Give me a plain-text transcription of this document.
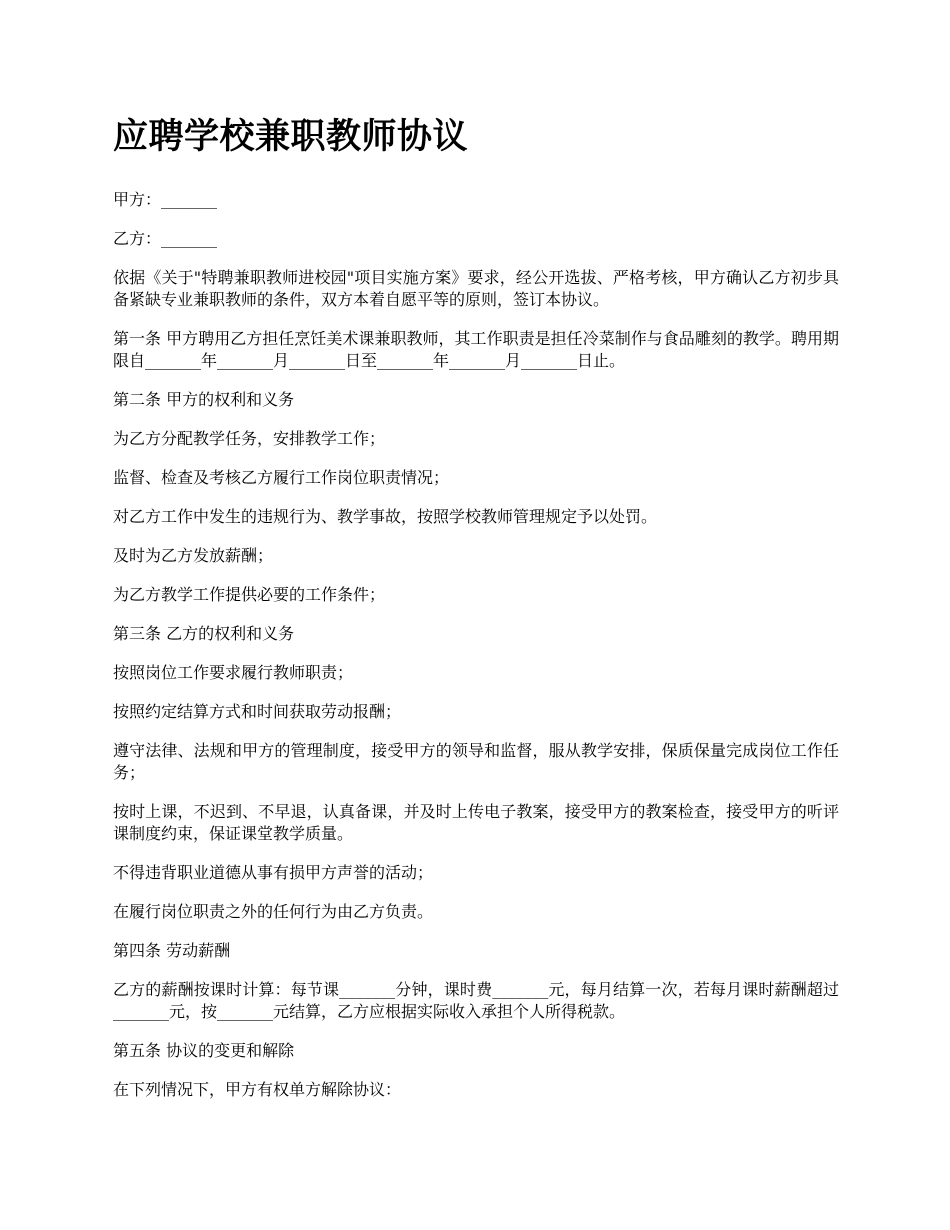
应聘学校兼职教师协议

甲方：_______

乙方：_______

依据《关于"特聘兼职教师进校园"项目实施方案》要求，经公开选拔、严格考核，甲方确认乙方初步具备紧缺专业兼职教师的条件，双方本着自愿平等的原则，签订本协议。

第一条 甲方聘用乙方担任烹饪美术课兼职教师，其工作职责是担任冷菜制作与食品雕刻的教学。聘用期限自_______年_______月_______日至_______年_______月_______日止。

第二条 甲方的权利和义务

为乙方分配教学任务，安排教学工作；

监督、检查及考核乙方履行工作岗位职责情况；

对乙方工作中发生的违规行为、教学事故，按照学校教师管理规定予以处罚。

及时为乙方发放薪酬；

为乙方教学工作提供必要的工作条件；

第三条 乙方的权利和义务

按照岗位工作要求履行教师职责；

按照约定结算方式和时间获取劳动报酬；

遵守法律、法规和甲方的管理制度，接受甲方的领导和监督，服从教学安排，保质保量完成岗位工作任务；

按时上课，不迟到、不早退，认真备课，并及时上传电子教案，接受甲方的教案检查，接受甲方的听评课制度约束，保证课堂教学质量。

不得违背职业道德从事有损甲方声誉的活动；

在履行岗位职责之外的任何行为由乙方负责。

第四条 劳动薪酬

乙方的薪酬按课时计算：每节课_______分钟，课时费_______元，每月结算一次，若每月课时薪酬超过_______元，按_______元结算，乙方应根据实际收入承担个人所得税款。

第五条 协议的变更和解除

在下列情况下，甲方有权单方解除协议：
